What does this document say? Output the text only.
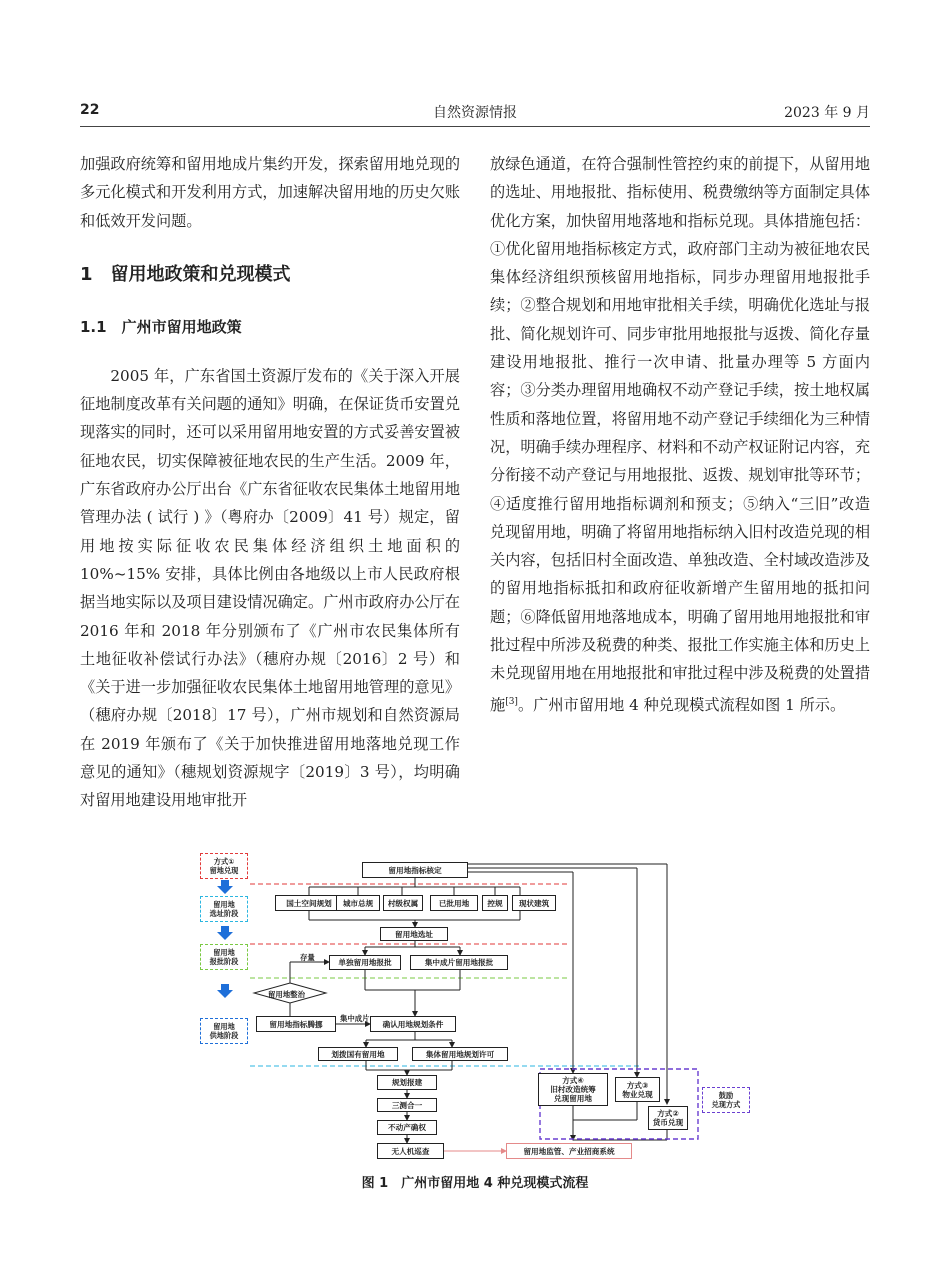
22	自然资源情报	2023 年 9 月

加强政府统筹和留用地成片集约开发，探索留用地兑现的多元化模式和开发利用方式，加速解决留用地的历史欠账和低效开发问题。

2005 年，广东省国土资源厅发布的《关于深入开展征地制度改革有关问题的通知》明确，在保证货币安置兑现落实的同时，还可以采用留用地安置的方式妥善安置被征地农民，切实保障被征地农民的生产生活。2009 年，广东省政府办公厅出台《广东省征收农民集体土地留用地管理办法 ( 试行 ) 》（粤府办〔2009〕41 号）规定，留用地按实际征收农民集体经济组织土地面积的 10%~15% 安排，具体比例由各地级以上市人民政府根据当地实际以及项目建设情况确定。广州市政府办公厅在 2016 年和 2018 年分别颁布了《广州市农民集体所有土地征收补偿试行办法》（穗府办规〔2016〕2 号）和《关于进一步加强征收农民集体土地留用地管理的意见》（穗府办规〔2018〕17 号），广州市规划和自然资源局在 2019 年颁布了《关于加快推进留用地落地兑现工作意见的通知》（穗规划资源规字〔2019〕3 号），均明确对留用地建设用地审批开

1　留用地政策和兑现模式
1.1　广州市留用地政策

放绿色通道，在符合强制性管控约束的前提下，从留用地的选址、用地报批、指标使用、税费缴纳等方面制定具体优化方案，加快留用地落地和指标兑现。具体措施包括：①优化留用地指标核定方式，政府部门主动为被征地农民集体经济组织预核留用地指标，同步办理留用地报批手续；②整合规划和用地审批相关手续，明确优化选址与报批、简化规划许可、同步审批用地报批与返拨、简化存量建设用地报批、推行一次申请、批量办理等 5 方面内容；③分类办理留用地确权不动产登记手续，按土地权属性质和落地位置，将留用地不动产登记手续细化为三种情况，明确手续办理程序、材料和不动产权证附记内容，充分衔接不动产登记与用地报批、返拨、规划审批等环节；④适度推行留用地指标调剂和预支；⑤纳入“三旧”改造兑现留用地，明确了将留用地指标纳入旧村改造兑现的相关内容，包括旧村全面改造、单独改造、全村域改造涉及的留用地指标抵扣和政府征收新增产生留用地的抵扣问题；⑥降低留用地落地成本，明确了留用地用地报批和审批过程中所涉及税费的种类、报批工作实施主体和历史上未兑现留用地在用地报批和审批过程中涉及税费的处置措施[3]。广州市留用地 4 种兑现模式流程如图 1 所示。

方式①
留地兑现
留用地
选址阶段
留用地
报批阶段
留用地
供地阶段
鼓励
兑现方式
留用地指标核定
国土空间规划	城市总规	村级权属	已批用地	控规	现状建筑
留用地选址
单独留用地报批	集中成片留用地报批
存量
留用地整治
留用地指标腾挪
集中成片
确认用地规划条件
划拨国有留用地	集体留用地规划许可
规划报建
三测合一
不动产确权
无人机巡查	留用地监管、产业招商系统
方式④
旧村改造统筹
兑现留用地
方式③
物业兑现
方式②
货币兑现
图 1　广州市留用地 4 种兑现模式流程
